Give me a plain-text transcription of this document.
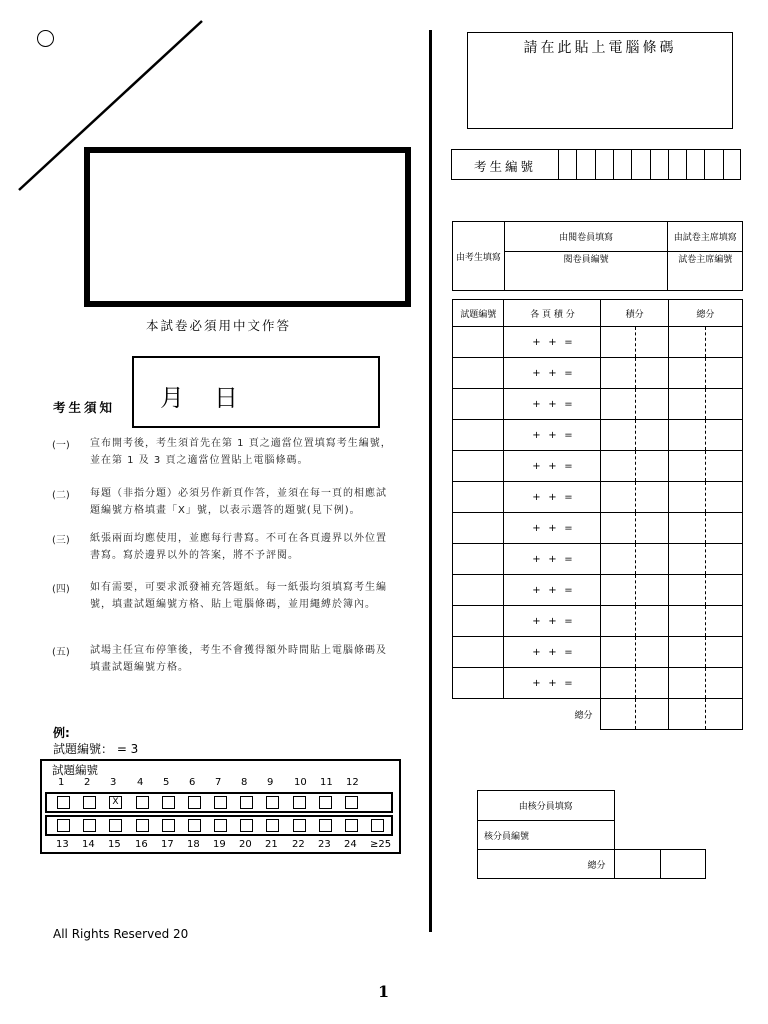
本試卷必須用中文作答
月 日
考生須知
(一) 宣布開考後，考生須首先在第 1 頁之適當位置填寫考生編號，並在第 1 及 3 頁之適當位置貼上電腦條碼。
(二) 每題（非指分題）必須另作新頁作答，並須在每一頁的相應試題編號方格填畫「X」號，以表示選答的題號(見下例)。
(三) 紙張兩面均應使用，並應每行書寫。不可在各頁邊界以外位置書寫。寫於邊界以外的答案，將不予評閱。
(四) 如有需要，可要求派發補充答題紙。每一紙張均須填寫考生編號，填畫試題編號方格、貼上電腦條碼，並用繩縛於簿內。
(五) 試場主任宣布停筆後，考生不會獲得額外時間貼上電腦條碼及填畫試題編號方格。
例:
試題編號： = 3
試題編號
1 2 3 4 5 6 7 8 9 10 11 12
X
13 14 15 16 17 18 19 20 21 22 23 24 ≥25
All Rights Reserved 20
1
請在此貼上電腦條碼
考生編號
由考生填寫	由閱卷員填寫	由試卷主席填寫
	閱卷員編號	試卷主席編號
試題編號	各 頁 積 分	積分	總分
	+ + =		
	+ + =		
	+ + =		
	+ + =		
	+ + =		
	+ + =		
	+ + =		
	+ + =		
	+ + =		
	+ + =		
	+ + =		
	+ + =		
總分			
由核分員填寫		
核分員編號		
總分		
